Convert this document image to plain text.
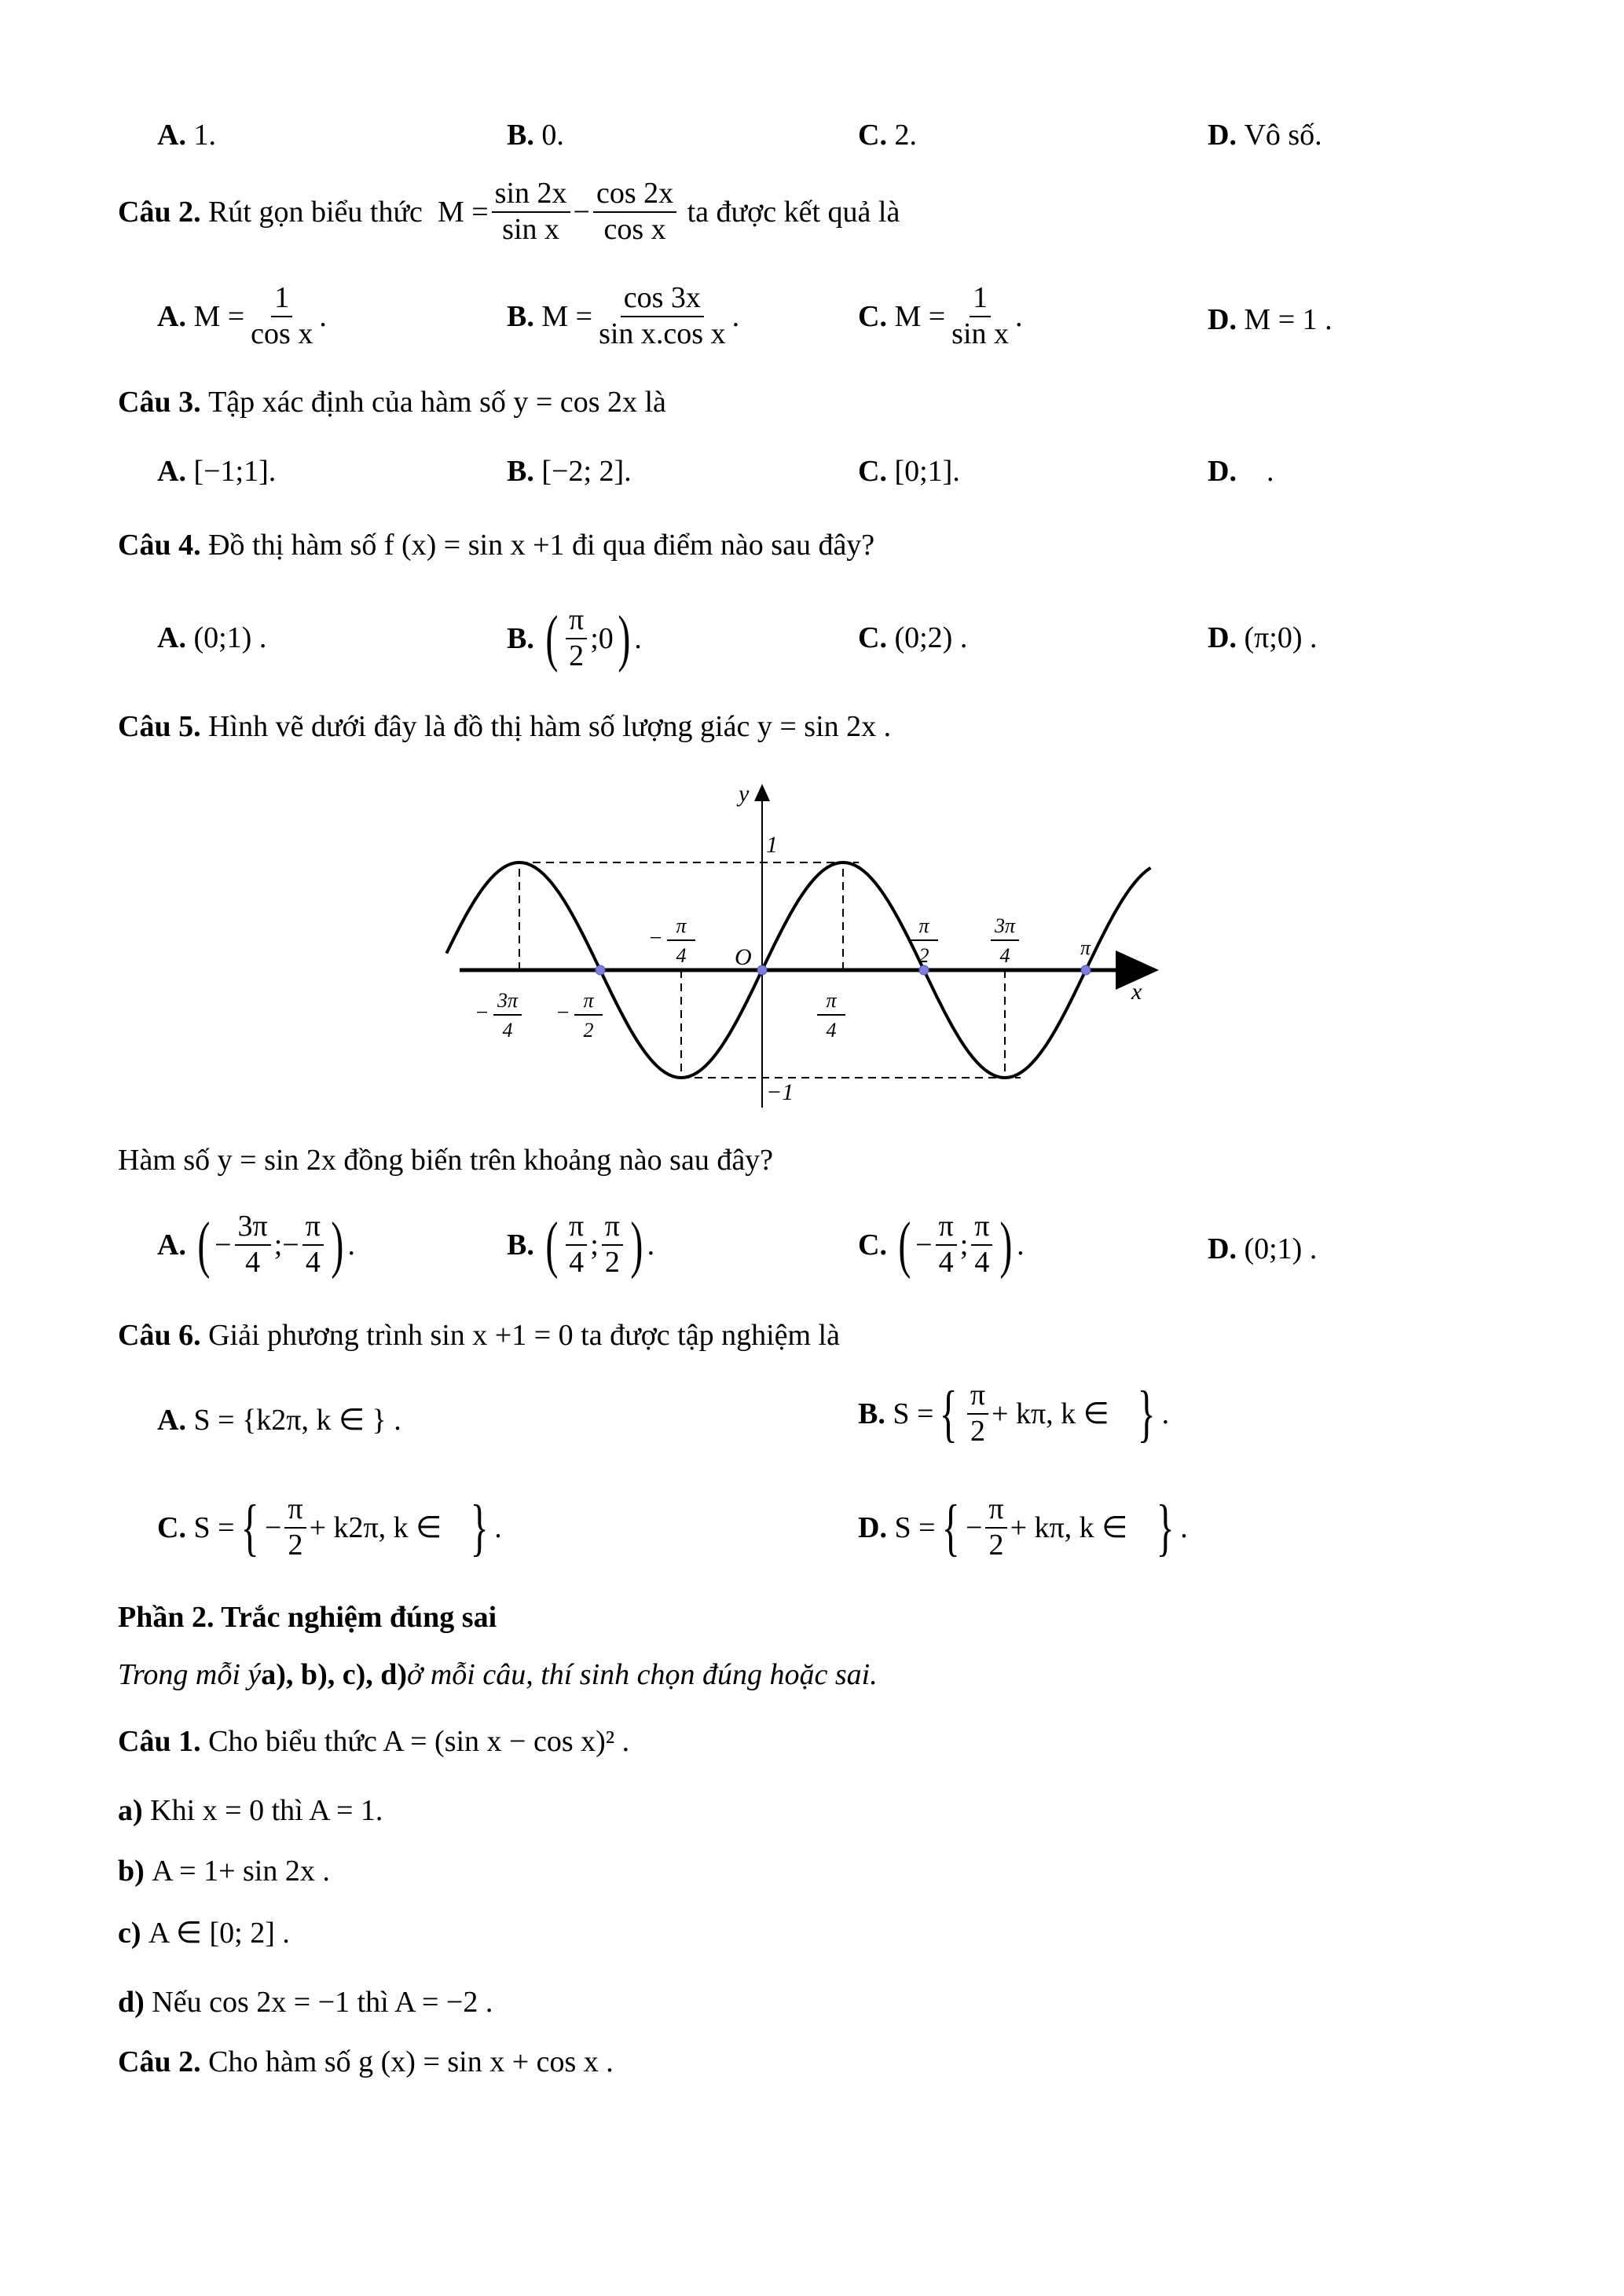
A.
1.	B.
0.	C.
2.	D.
Vô số.
Câu 2.
Rút gọn biểu thức
$M = \frac{\sin 2x}{\text{sin x}} - \frac{\cos 2x}{\text{cos x}}$
ta được kết quả là
A.
$M = \frac{1}{\text{cos x}}$ .	B.
$M = \frac{\cos 3x}{\text{sin x.cos x}}$ .	C.
$M = \frac{1}{\text{sin x}}$ .	D.
M = 1 .
Câu 3.
Tập xác định của hàm số y = cos 2x là
A.
[−1;1].	B.
[−2; 2].	C.
[0;1].	D.
.
Câu 4.
Đồ thị hàm số f (x) = sin x +1 đi qua điểm nào sau đây?
A.
(0;1) .	B.
( $\frac{\pi}{2}$ ;0 ) .	C.
(0;2) .	D.
(π;0) .
Câu 5.
Hình vẽ dưới đây là đồ thị hàm số lượng giác y = sin 2x .
−
3π
4
−
π
2
−
π
4
π
4
π
2
3π
4
y
x
O
1
−1
π
Hàm số y = sin 2x đồng biến trên khoảng nào sau đây?
A.
( − $\frac{3\pi}{4}$ ;− $\frac{\pi}{4}$ ) .	B.
( $\frac{\pi}{4}$ ; $\frac{\pi}{2}$ ) .	C.
( − $\frac{\pi}{4}$ ; $\frac{\pi}{4}$ ) .	D.
(0;1) .
Câu 6.
Giải phương trình sin x +1 = 0 ta được tập nghiệm là
A.
S = {k2π, k ∈ } .	B.
S = { $\frac{\pi}{2} + k\pi$, k ∈
} .
C.
S = { − $\frac{\pi}{2} + k2\pi$, k ∈
} .	D.
S = { − $\frac{\pi}{2} + k\pi$, k ∈
} .
Phần 2. Trắc nghiệm đúng sai
Trong mỗi ý a), b), c), d) ở mỗi câu, thí sinh chọn đúng hoặc sai.
Câu 1.
Cho biểu thức A = (sin x − cos x)² .
a)
Khi x = 0 thì A = 1.
b)
A = 1+ sin 2x .
c)
A ∈ [0; 2] .
d)
Nếu cos 2x = −1 thì A = −2 .
Câu 2.
Cho hàm số g (x) = sin x + cos x .
